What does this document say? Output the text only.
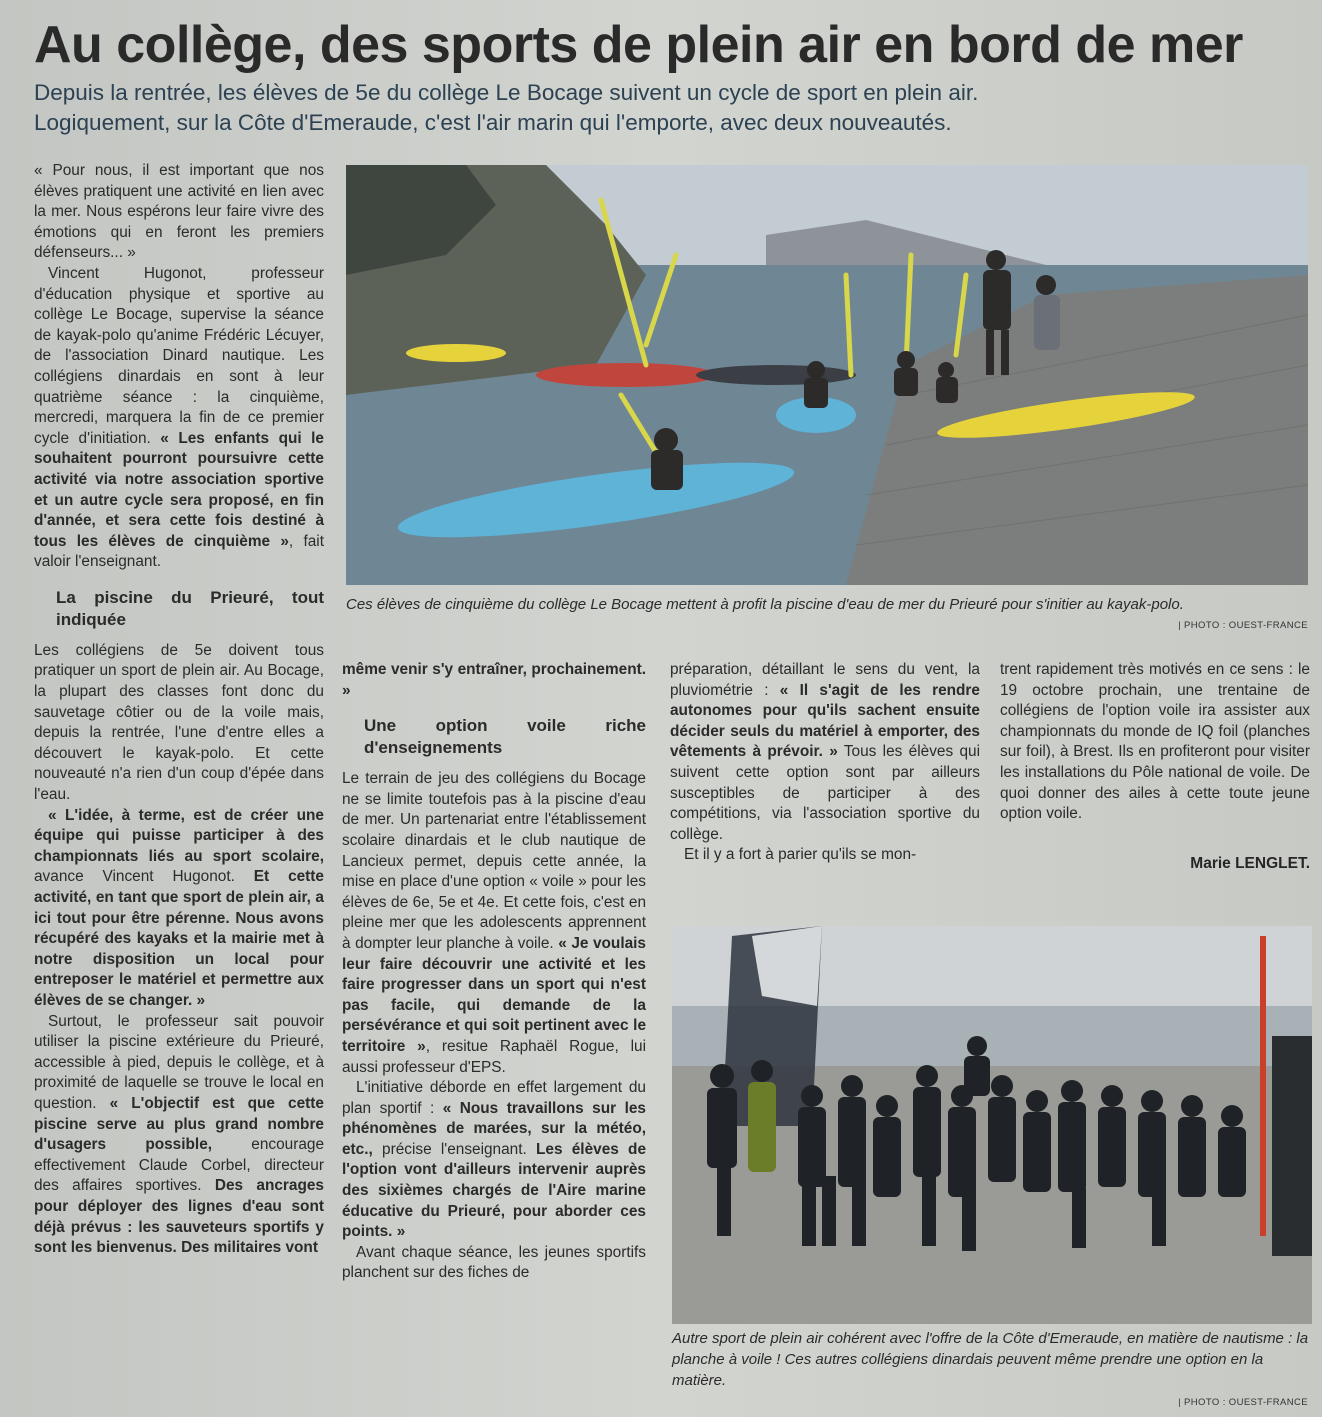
Au collège, des sports de plein air en bord de mer

Depuis la rentrée, les élèves de 5e du collège Le Bocage suivent un cycle de sport en plein air.

Logiquement, sur la Côte d'Emeraude, c'est l'air marin qui l'emporte, avec deux nouveautés.

« Pour nous, il est important que nos élèves pratiquent une activité en lien avec la mer. Nous espérons leur faire vivre des émotions qui en feront les premiers défenseurs... »

Vincent Hugonot, professeur d'éducation physique et sportive au collège Le Bocage, supervise la séance de kayak-polo qu'anime Frédéric Lécuyer, de l'association Dinard nautique. Les collégiens dinardais en sont à leur quatrième séance : la cinquième, mercredi, marquera la fin de ce premier cycle d'initiation. « Les enfants qui le souhaitent pourront poursuivre cette activité via notre association sportive et un autre cycle sera proposé, en fin d'année, et sera cette fois destiné à tous les élèves de cinquième », fait valoir l'enseignant.

La piscine du Prieuré, tout indiquée

Les collégiens de 5e doivent tous pratiquer un sport de plein air. Au Bocage, la plupart des classes font donc du sauvetage côtier ou de la voile mais, depuis la rentrée, l'une d'entre elles a découvert le kayak-polo. Et cette nouveauté n'a rien d'un coup d'épée dans l'eau.

« L'idée, à terme, est de créer une équipe qui puisse participer à des championnats liés au sport scolaire, avance Vincent Hugonot. Et cette activité, en tant que sport de plein air, a ici tout pour être pérenne. Nous avons récupéré des kayaks et la mairie met à notre disposition un local pour entreposer le matériel et permettre aux élèves de se changer. »

Surtout, le professeur sait pouvoir utiliser la piscine extérieure du Prieuré, accessible à pied, depuis le collège, et à proximité de laquelle se trouve le local en question. « L'objectif est que cette piscine serve au plus grand nombre d'usagers possible, encourage effectivement Claude Corbel, directeur des affaires sportives. Des ancrages pour déployer des lignes d'eau sont déjà prévus : les sauveteurs sportifs y sont les bienvenus. Des militaires vont

même venir s'y entraîner, prochainement. »

Une option voile riche d'enseignements

Le terrain de jeu des collégiens du Bocage ne se limite toutefois pas à la piscine d'eau de mer. Un partenariat entre l'établissement scolaire dinardais et le club nautique de Lancieux permet, depuis cette année, la mise en place d'une option « voile » pour les élèves de 6e, 5e et 4e. Et cette fois, c'est en pleine mer que les adolescents apprennent à dompter leur planche à voile. « Je voulais leur faire découvrir une activité et les faire progresser dans un sport qui n'est pas facile, qui demande de la persévérance et qui soit pertinent avec le territoire », resitue Raphaël Rogue, lui aussi professeur d'EPS.

L'initiative déborde en effet largement du plan sportif : « Nous travaillons sur les phénomènes de marées, sur la météo, etc., précise l'enseignant. Les élèves de l'option vont d'ailleurs intervenir auprès des sixièmes chargés de l'Aire marine éducative du Prieuré, pour aborder ces points. »

Avant chaque séance, les jeunes sportifs planchent sur des fiches de

préparation, détaillant le sens du vent, la pluviométrie : « Il s'agit de les rendre autonomes pour qu'ils sachent ensuite décider seuls du matériel à emporter, des vêtements à prévoir. » Tous les élèves qui suivent cette option sont par ailleurs susceptibles de participer à des compétitions, via l'association sportive du collège.

Et il y a fort à parier qu'ils se mon-

trent rapidement très motivés en ce sens : le 19 octobre prochain, une trentaine de collégiens de l'option voile ira assister aux championnats du monde de IQ foil (planches sur foil), à Brest. Ils en profiteront pour visiter les installations du Pôle national de voile. De quoi donner des ailes à cette toute jeune option voile.

Marie LENGLET.
Ces élèves de cinquième du collège Le Bocage mettent à profit la piscine d'eau de mer du Prieuré pour s'initier au kayak-polo.
| PHOTO : OUEST-FRANCE
Autre sport de plein air cohérent avec l'offre de la Côte d'Emeraude, en matière de nautisme : la planche à voile ! Ces autres collégiens dinardais peuvent même prendre une option en la matière.
| PHOTO : OUEST-FRANCE
